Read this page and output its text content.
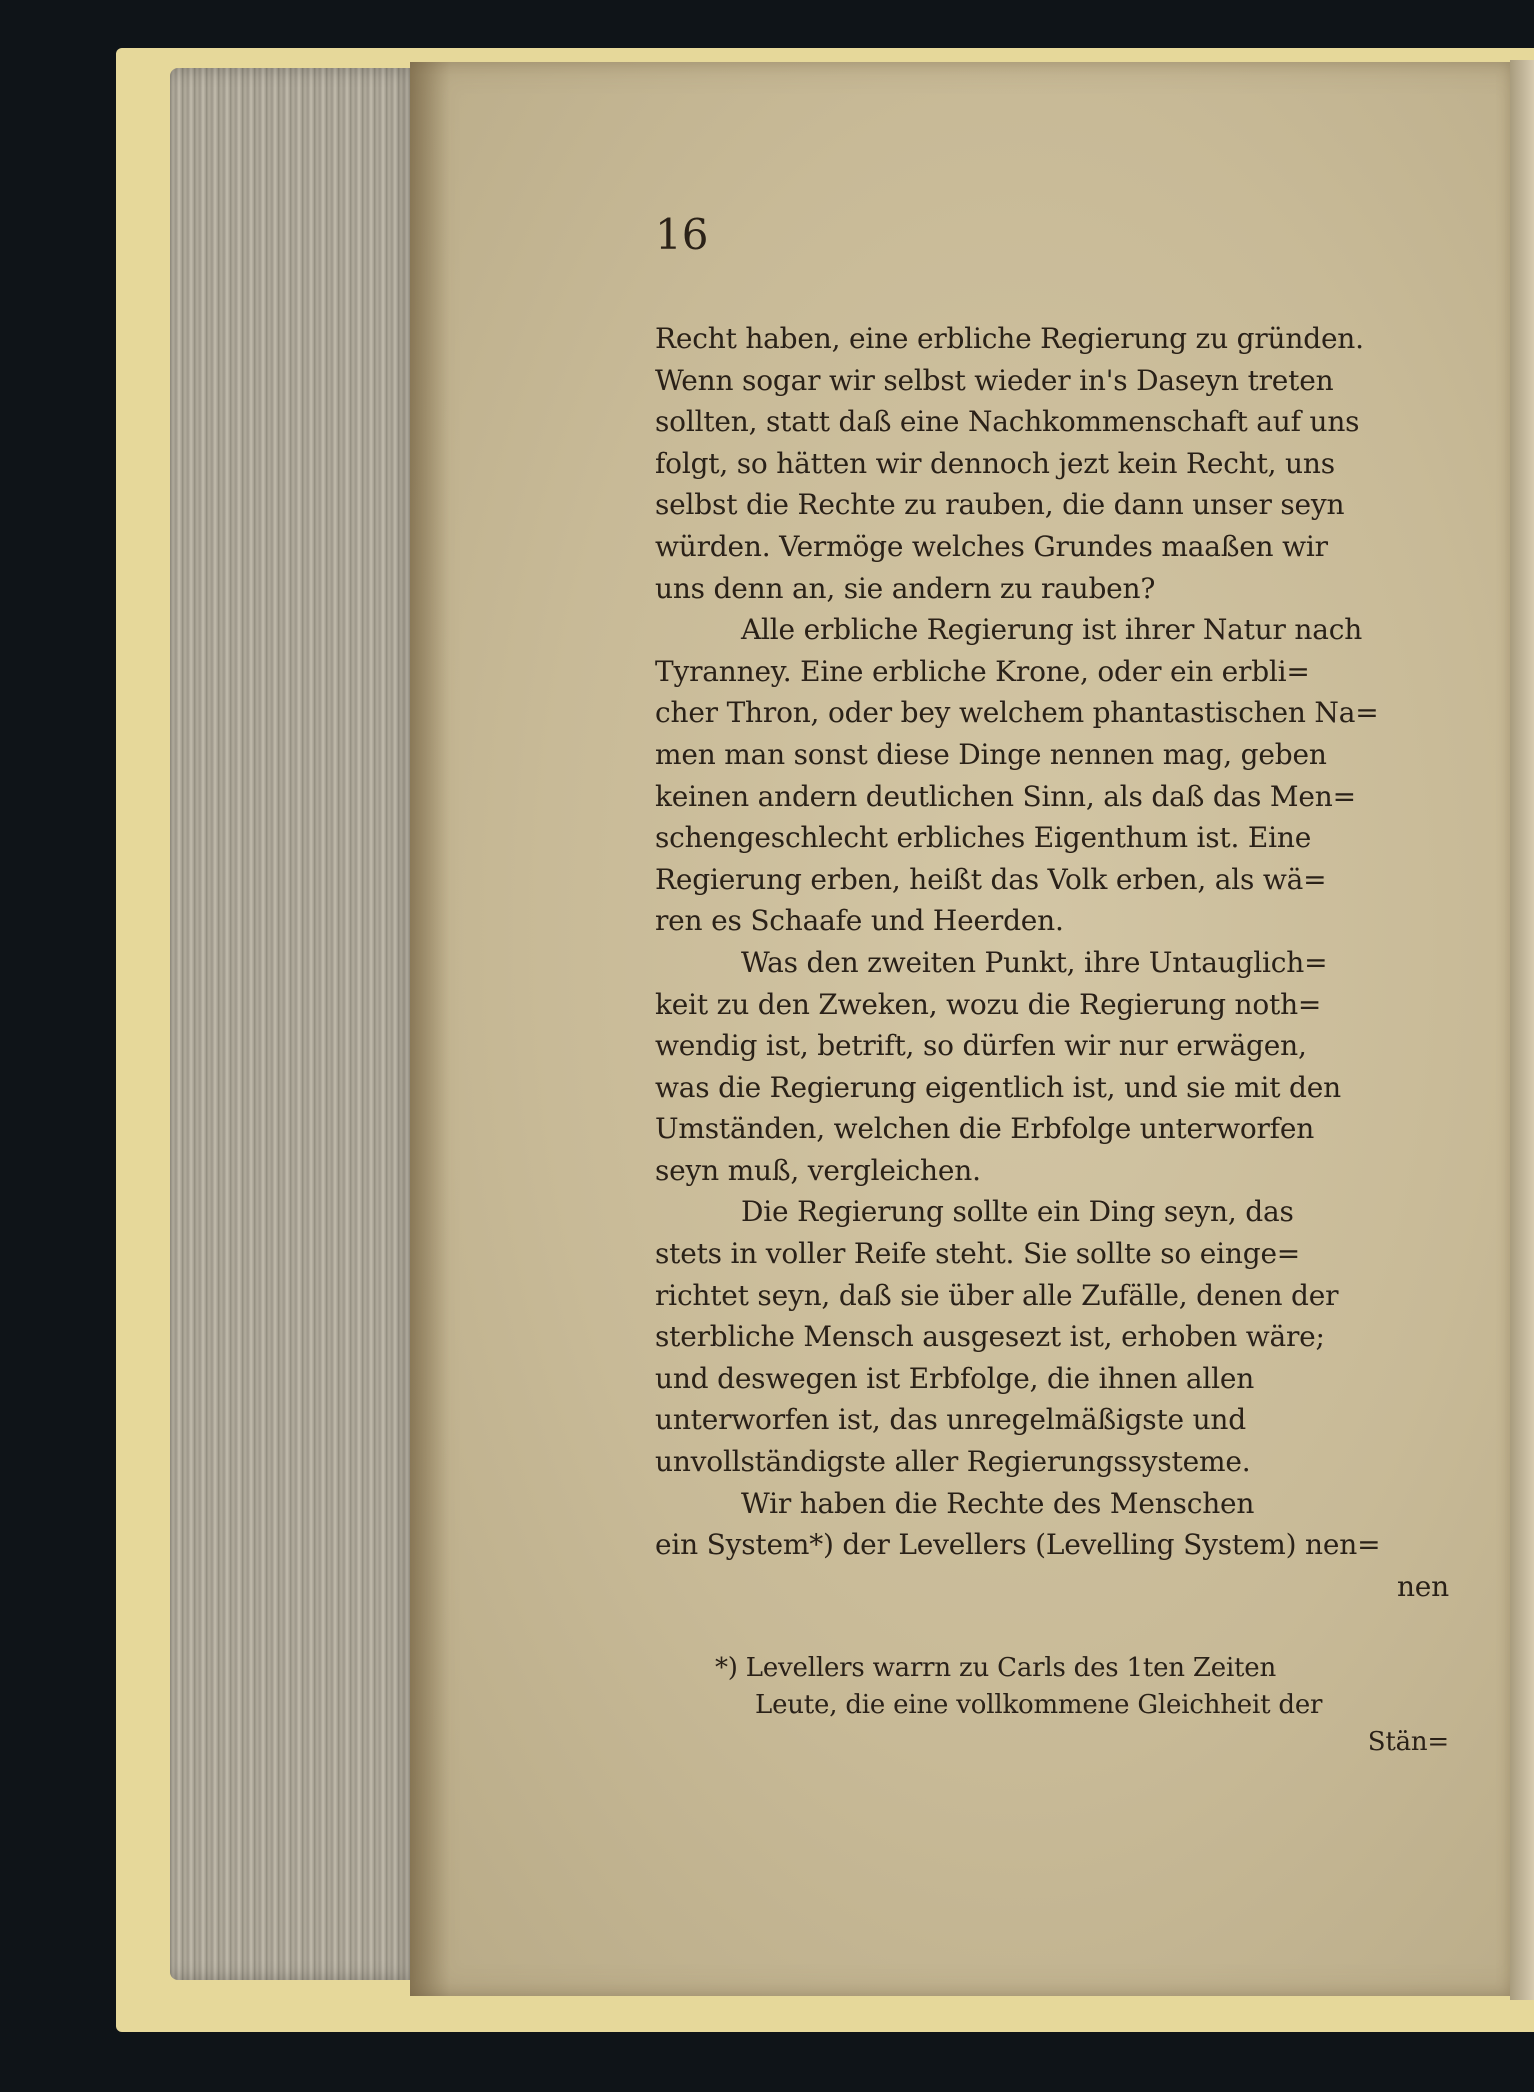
16
Recht haben, eine erbliche Regierung zu gründen.
Wenn sogar wir selbst wieder in's Daseyn treten
sollten, statt daß eine Nachkommenschaft auf uns
folgt, so hätten wir dennoch jezt kein Recht, uns
selbst die Rechte zu rauben, die dann unser seyn
würden. Vermöge welches Grundes maaßen wir
uns denn an, sie andern zu rauben?
Alle erbliche Regierung ist ihrer Natur nach
Tyranney. Eine erbliche Krone, oder ein erbli=
cher Thron, oder bey welchem phantastischen Na=
men man sonst diese Dinge nennen mag, geben
keinen andern deutlichen Sinn, als daß das Men=
schengeschlecht erbliches Eigenthum ist. Eine
Regierung erben, heißt das Volk erben, als wä=
ren es Schaafe und Heerden.
Was den zweiten Punkt, ihre Untauglich=
keit zu den Zweken, wozu die Regierung noth=
wendig ist, betrift, so dürfen wir nur erwägen,
was die Regierung eigentlich ist, und sie mit den
Umständen, welchen die Erbfolge unterworfen
seyn muß, vergleichen.
Die Regierung sollte ein Ding seyn, das
stets in voller Reife steht. Sie sollte so einge=
richtet seyn, daß sie über alle Zufälle, denen der
sterbliche Mensch ausgesezt ist, erhoben wäre;
und deswegen ist Erbfolge, die ihnen allen
unterworfen ist, das unregelmäßigste und
unvollständigste aller Regierungssysteme.
Wir haben die Rechte des Menschen
ein System*) der Levellers (Levelling System) nen=
nen
*) Levellers warrn zu Carls des 1ten Zeiten
Leute, die eine vollkommene Gleichheit der
Stän=
